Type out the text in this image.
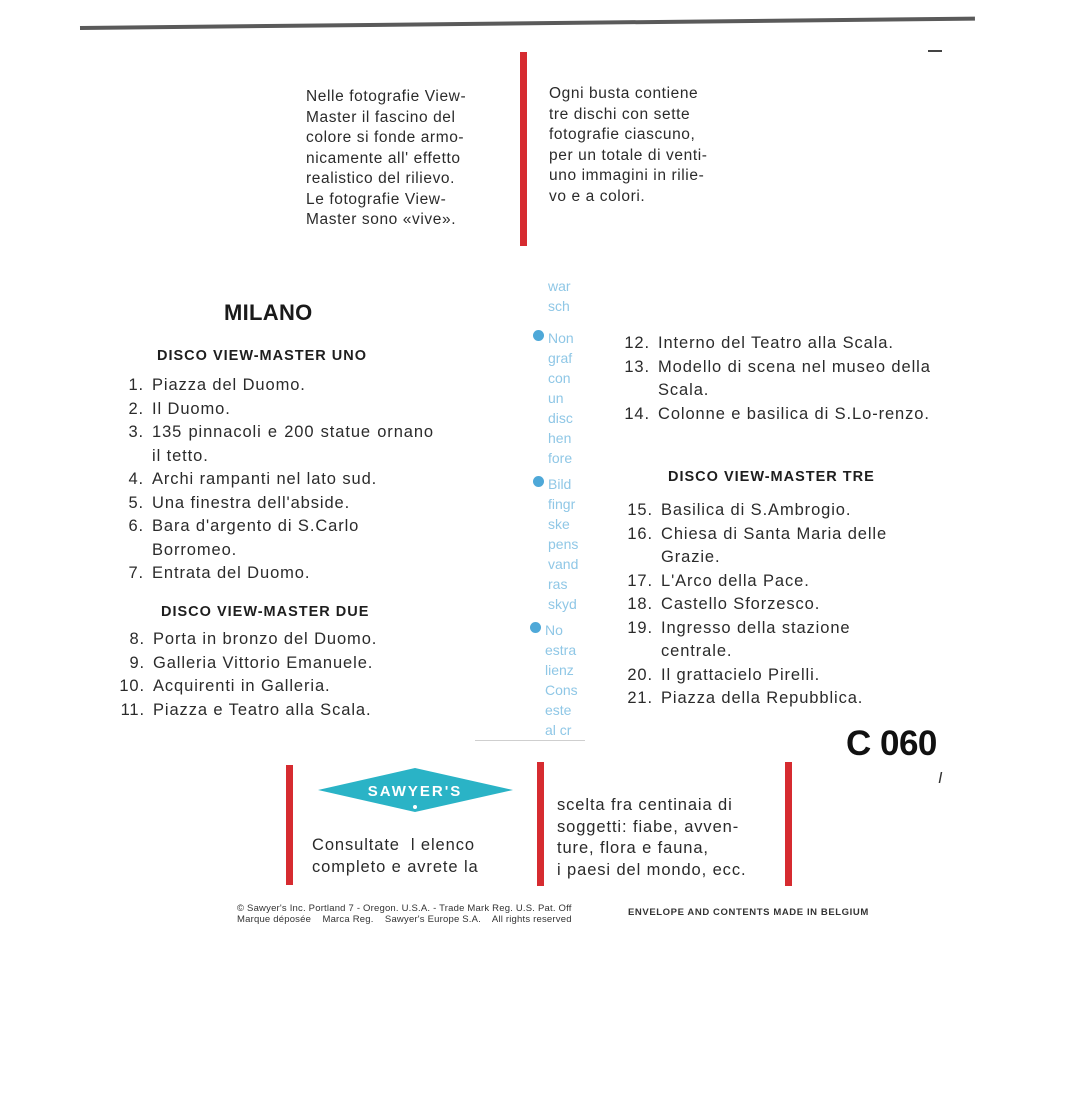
Nelle fotografie View-
Master il fascino del
colore si fonde armo-
nicamente all' effetto
realistico del rilievo.
Le fotografie View-
Master sono «vive».
Ogni busta contiene
tre dischi con sette
fotografie ciascuno,
per un totale di venti-
uno immagini in rilie-
vo e a colori.
MILANO
DISCO VIEW-MASTER UNO
1. Piazza del Duomo.
2. Il Duomo.
3. 135 pinnacoli e 200 statue ornano il tetto.
4. Archi rampanti nel lato sud.
5. Una finestra dell'abside.
6. Bara d'argento di S.Carlo Borromeo.
7. Entrata del Duomo.
DISCO VIEW-MASTER DUE
8. Porta in bronzo del Duomo.
9. Galleria Vittorio Emanuele.
10. Acquirenti in Galleria.
11. Piazza e Teatro alla Scala.
war
sch
Non
graf
con
un
disc
hen
fore
Bild
fingr
ske
pens
vand
ras
skyd
No
estra
lienz
Cons
este
al cr
12. Interno del Teatro alla Scala.
13. Modello di scena nel museo della Scala.
14. Colonne e basilica di S.Lo-renzo.
DISCO VIEW-MASTER TRE
15. Basilica di S.Ambrogio.
16. Chiesa di Santa Maria delle Grazie.
17. L'Arco della Pace.
18. Castello Sforzesco.
19. Ingresso della stazione centrale.
20. Il grattacielo Pirelli.
21. Piazza della Repubblica.
C 060
I
SAWYER'S
Consultate  l elenco
completo e avrete la
scelta fra centinaia di
soggetti: fiabe, avven-
ture, flora e fauna,
i paesi del mondo, ecc.
© Sawyer's Inc. Portland 7 - Oregon. U.S.A. - Trade Mark Reg. U.S. Pat. Off
Marque déposée    Marca Reg.    Sawyer's Europe S.A.    All rights reserved
ENVELOPE AND CONTENTS MADE IN BELGIUM
